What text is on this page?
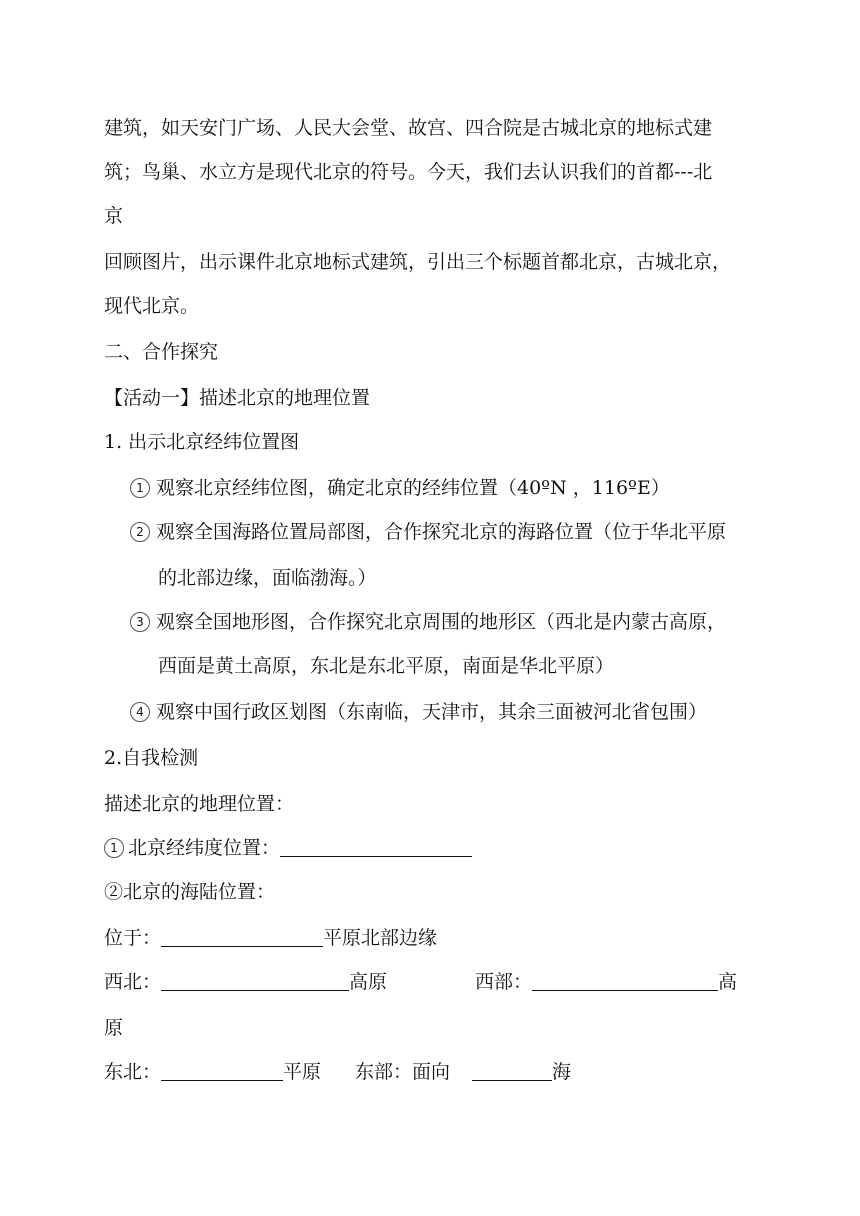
建筑，如天安门广场、人民大会堂、故宫、四合院是古城北京的地标式建
筑；鸟巢、水立方是现代北京的符号。今天，我们去认识我们的首都---北
京
回顾图片，出示课件北京地标式建筑，引出三个标题首都北京，古城北京，
现代北京。
二、合作探究
【活动一】描述北京的地理位置
1. 出示北京经纬位置图
1 观察北京经纬位图，确定北京的经纬位置（40ºN ，116ºE）
2 观察全国海路位置局部图，合作探究北京的海路位置（位于华北平原
的北部边缘，面临渤海。）
3 观察全国地形图，合作探究北京周围的地形区（西北是内蒙古高原，
西面是黄土高原，东北是东北平原，南面是华北平原）
4 观察中国行政区划图（东南临，天津市，其余三面被河北省包围）
2.自我检测
描述北京的地理位置：
1 北京经纬度位置：
②北京的海陆位置：
位于：	平原北部边缘
西北：	高原	西部：	高
原
东北：	平原 东部：面向	海
